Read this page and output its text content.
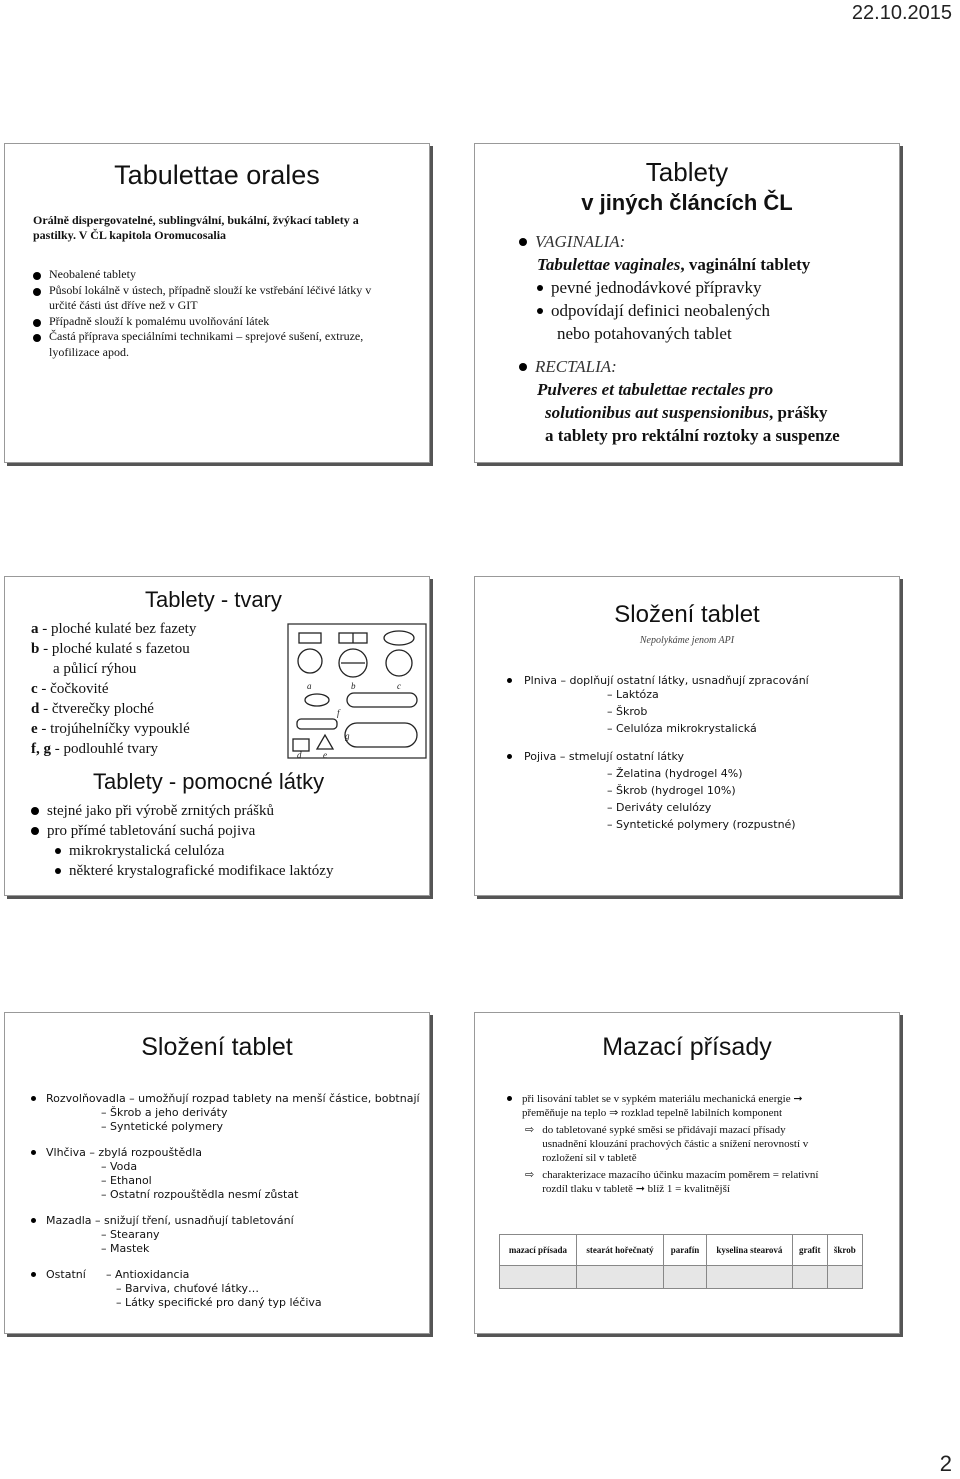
22.10.2015
Tabulettae orales
Orálně dispergovatelné, sublingvální, bukální, žvýkací tablety a
pastilky. V ČL kapitola Oromucosalia
Neobalené tablety
Působí lokálně v ústech, případně slouží ke vstřebání léčivé látky v určité části úst dříve než v GIT
Případně slouží k pomalému uvolňování látek
Častá příprava speciálními technikami – sprejové sušení, extruze, lyofilizace apod.
Tablety
v jiných článcích ČL
VAGINALIA:
Tabulettae vaginales, vaginální tablety
pevné jednodávkové přípravky
odpovídají definici neobalených
nebo potahovaných tablet
RECTALIA:
Pulveres et tabulettae rectales pro
solutionibus aut suspensionibus, prášky
a tablety pro rektální roztoky a suspenze
Tablety - tvary
a - ploché kulaté bez fazety
b - ploché kulaté s fazetou
a půlicí rýhou
c - čočkovité
d - čtverečky ploché
e - trojúhelníčky vypouklé
f, g - podlouhlé tvary
a	b	c
d e
f
g
Tablety - pomocné látky
stejné jako při výrobě zrnitých prášků
pro přímé tabletování suchá pojiva
mikrokrystalická celulóza
některé krystalografické modifikace laktózy
Složení tablet
Nepolykáme jenom API
Plniva – doplňují ostatní látky, usnadňují zpracování
– Laktóza
– Škrob
– Celulóza mikrokrystalická
Pojiva – stmelují ostatní látky
– Želatina (hydrogel 4%)
– Škrob (hydrogel 10%)
– Deriváty celulózy
– Syntetické polymery (rozpustné)
Složení tablet
Rozvolňovadla – umožňují rozpad tablety na menší částice, bobtnají
– Škrob a jeho deriváty
– Syntetické polymery
Vlhčiva – zbylá rozpouštědla
– Voda
– Ethanol
– Ostatní rozpouštědla nesmí zůstat
Mazadla – snižují tření, usnadňují tabletování
– Stearany
– Mastek
Ostatní	– Antioxidancia
– Barviva, chuťové látky…
– Látky specifické pro daný typ léčiva
Mazací přísady
při lisování tablet se v sypkém materiálu mechanická energie ➞
přeměňuje na teplo ⇒ rozklad tepelně labilních komponent
⇨ do tabletované sypké směsi se přidávají mazací přísady
usnadnění klouzání prachových částic a snížení nerovností v
rozložení sil v tabletě
⇨ charakterizace mazacího účinku mazacím poměrem = relativní
rozdíl tlaku v tabletě ➞ blíž 1 = kvalitnější
mazací přísada	stearát hořečnatý	parafín	kyselina stearová	grafit	škrob

2
